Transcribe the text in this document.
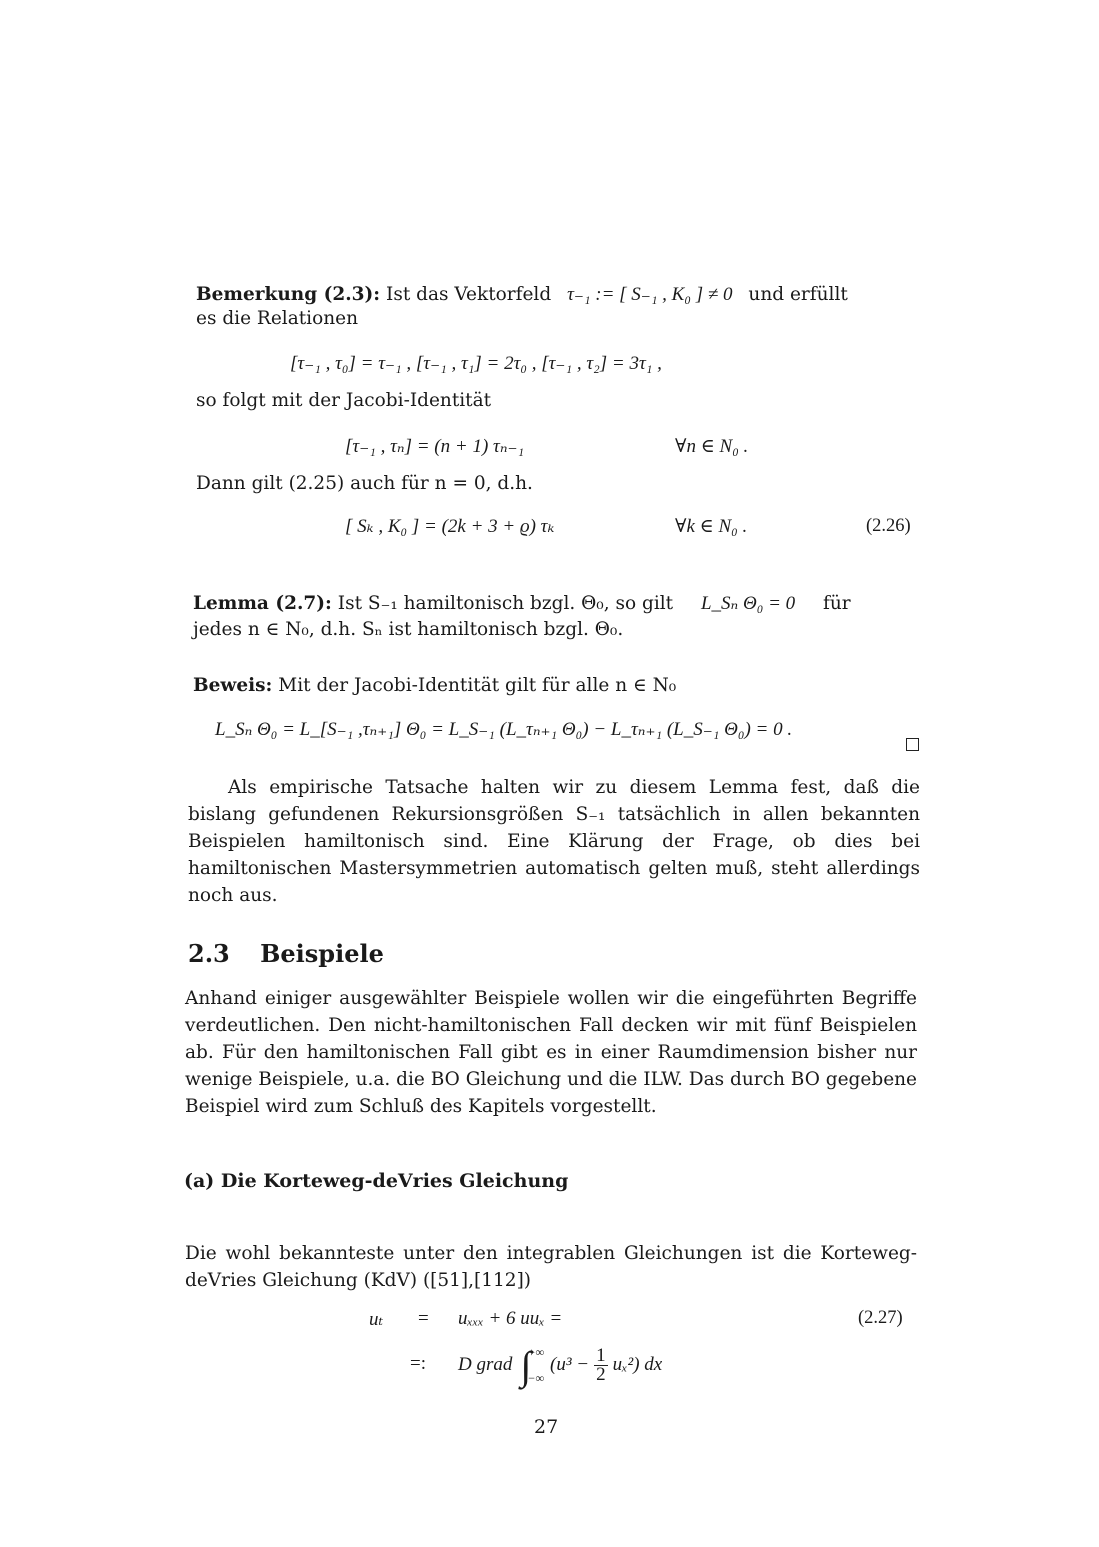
Bemerkung (2.3): Ist das Vektorfeld τ₋₁ := [ S₋₁ , K₀ ] ≠ 0 und erfüllt
es die Relationen
[τ₋₁ , τ₀] = τ₋₁ , [τ₋₁ , τ₁] = 2τ₀ , [τ₋₁ , τ₂] = 3τ₁ ,
so folgt mit der Jacobi-Identität
[τ₋₁ , τₙ] = (n + 1) τₙ₋₁	∀n ∈ N₀ .
Dann gilt (2.25) auch für n = 0, d.h.
[ Sₖ , K₀ ] = (2k + 3 + ϱ) τₖ	∀k ∈ N₀ .	(2.26)
Lemma (2.7): Ist S₋₁ hamiltonisch bzgl. Θ₀, so gilt L_Sₙ Θ₀ = 0 für
jedes n ∈ N₀, d.h. Sₙ ist hamiltonisch bzgl. Θ₀.
Beweis: Mit der Jacobi-Identität gilt für alle n ∈ N₀
L_Sₙ Θ₀ = L_[S₋₁ ,τₙ₊₁] Θ₀ = L_S₋₁ (L_τₙ₊₁ Θ₀) − L_τₙ₊₁ (L_S₋₁ Θ₀) = 0 .
Als empirische Tatsache halten wir zu diesem Lemma fest, daß die bislang gefundenen Rekursionsgrößen S₋₁ tatsächlich in allen bekannten Beispielen hamiltonisch sind. Eine Klärung der Frage, ob dies bei hamiltonischen Mastersymmetrien automatisch gelten muß, steht allerdings noch aus.
2.3 Beispiele
Anhand einiger ausgewählter Beispiele wollen wir die eingeführten Begriffe verdeutlichen. Den nicht-hamiltonischen Fall decken wir mit fünf Beispielen ab. Für den hamiltonischen Fall gibt es in einer Raumdimension bisher nur wenige Beispiele, u.a. die BO Gleichung und die ILW. Das durch BO gegebene Beispiel wird zum Schluß des Kapitels vorgestellt.
(a) Die Korteweg-deVries Gleichung
Die wohl bekannteste unter den integrablen Gleichungen ist die Korteweg-deVries Gleichung (KdV) ([51],[112])
uₜ = uₓₓₓ + 6 uuₓ =	(2.27)
=: D grad ∫
+∞
−∞
$(u^3 - \frac{1}{2} u_x^2)$ dx
27
